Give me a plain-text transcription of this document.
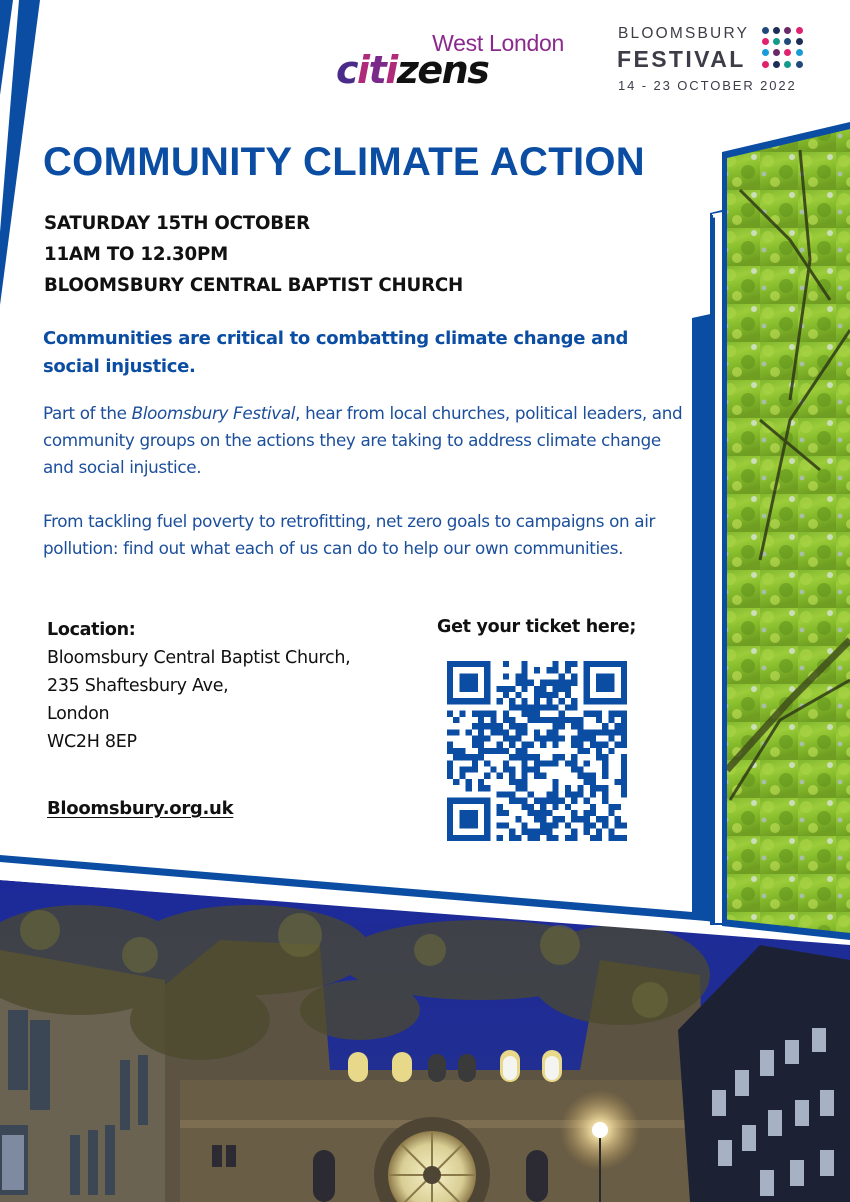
West London
citizens
BLOOMSBURY
FESTIVAL
14 - 23 OCTOBER 2022
COMMUNITY CLIMATE ACTION
SATURDAY 15TH OCTOBER
11AM TO 12.30PM
BLOOMSBURY CENTRAL BAPTIST CHURCH

Communities are critical to combatting climate change and social injustice.

Part of the Bloomsbury Festival, hear from local churches, political leaders, and community groups on the actions they are taking to address climate change and social injustice.

From tackling fuel poverty to retrofitting, net zero goals to campaigns on air pollution: find out what each of us can do to help our own communities.

Location:
Bloomsbury Central Baptist Church,
235 Shaftesbury Ave,
London
WC2H 8EP
Bloomsbury.org.uk
Get your ticket here;
